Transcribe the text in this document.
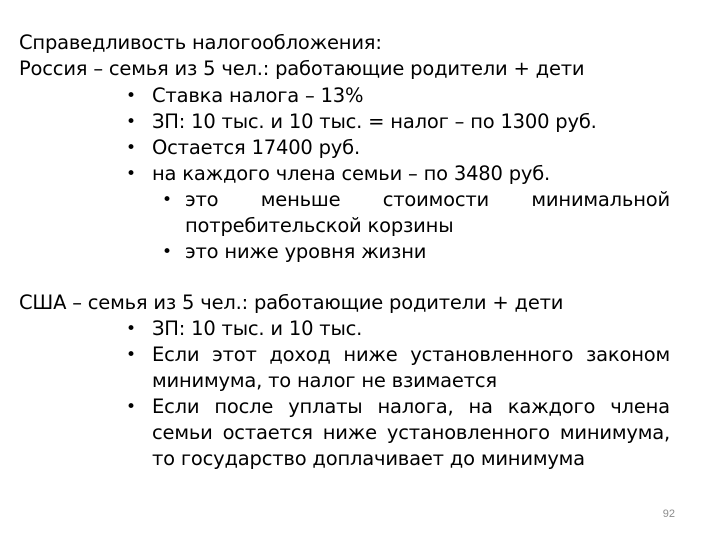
Справедливость налогообложения:
Россия – семья из 5 чел.: работающие родители + дети
• Ставка налога – 13%
• ЗП: 10 тыс. и 10 тыс. = налог – по 1300 руб.
• Остается 17400 руб.
• на каждого члена семьи – по 3480 руб.
• это меньше стоимости минимальной
потребительской корзины
• это ниже уровня жизни
США – семья из 5 чел.: работающие родители + дети
• ЗП: 10 тыс. и 10 тыс.
• Если этот доход ниже установленного законом
минимума, то налог не взимается
• Если после уплаты налога, на каждого члена
семьи остается ниже установленного минимума,
то государство доплачивает до минимума
92
